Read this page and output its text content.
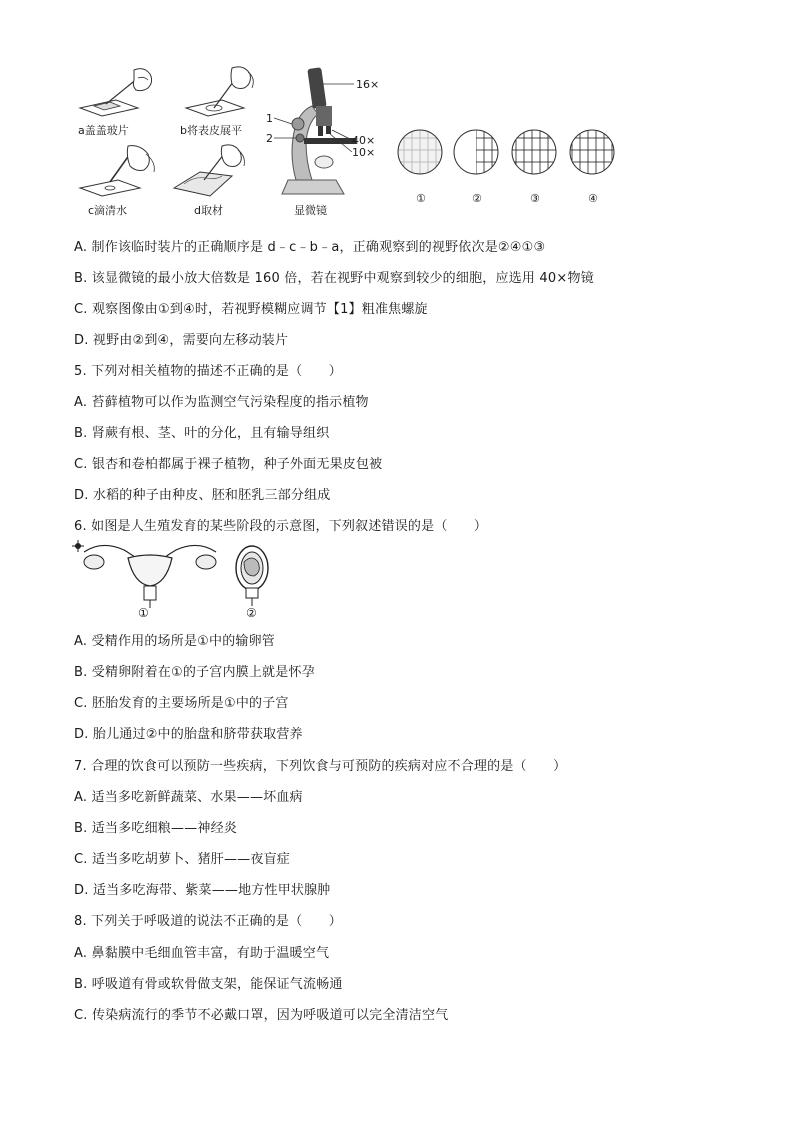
a盖盖玻片	b将表皮展平
16×
1
2	40×
10×
显微镜
c滴清水	d取材
①	②	③	④
A. 制作该临时装片的正确顺序是 d﹣c﹣b﹣a，正确观察到的视野依次是②④①③
B. 该显微镜的最小放大倍数是 160 倍，若在视野中观察到较少的细胞，应选用 40×物镜
C. 观察图像由①到④时，若视野模糊应调节【1】粗准焦螺旋
D. 视野由②到④，需要向左移动装片
5. 下列对相关植物的描述不正确的是（　　）
A. 苔藓植物可以作为监测空气污染程度的指示植物
B. 肾蕨有根、茎、叶的分化，且有输导组织
C. 银杏和卷柏都属于裸子植物，种子外面无果皮包被
D. 水稻的种子由种皮、胚和胚乳三部分组成
6. 如图是人生殖发育的某些阶段的示意图，下列叙述错误的是（　　）
①	②
A. 受精作用的场所是①中的输卵管
B. 受精卵附着在①的子宫内膜上就是怀孕
C. 胚胎发育的主要场所是①中的子宫
D. 胎儿通过②中的胎盘和脐带获取营养
7. 合理的饮食可以预防一些疾病，下列饮食与可预防的疾病对应不合理的是（　　）
A. 适当多吃新鲜蔬菜、水果——坏血病
B. 适当多吃细粮——神经炎
C. 适当多吃胡萝卜、猪肝——夜盲症
D. 适当多吃海带、紫菜——地方性甲状腺肿
8. 下列关于呼吸道的说法不正确的是（　　）
A. 鼻黏膜中毛细血管丰富，有助于温暖空气
B. 呼吸道有骨或软骨做支架，能保证气流畅通
C. 传染病流行的季节不必戴口罩，因为呼吸道可以完全清洁空气
